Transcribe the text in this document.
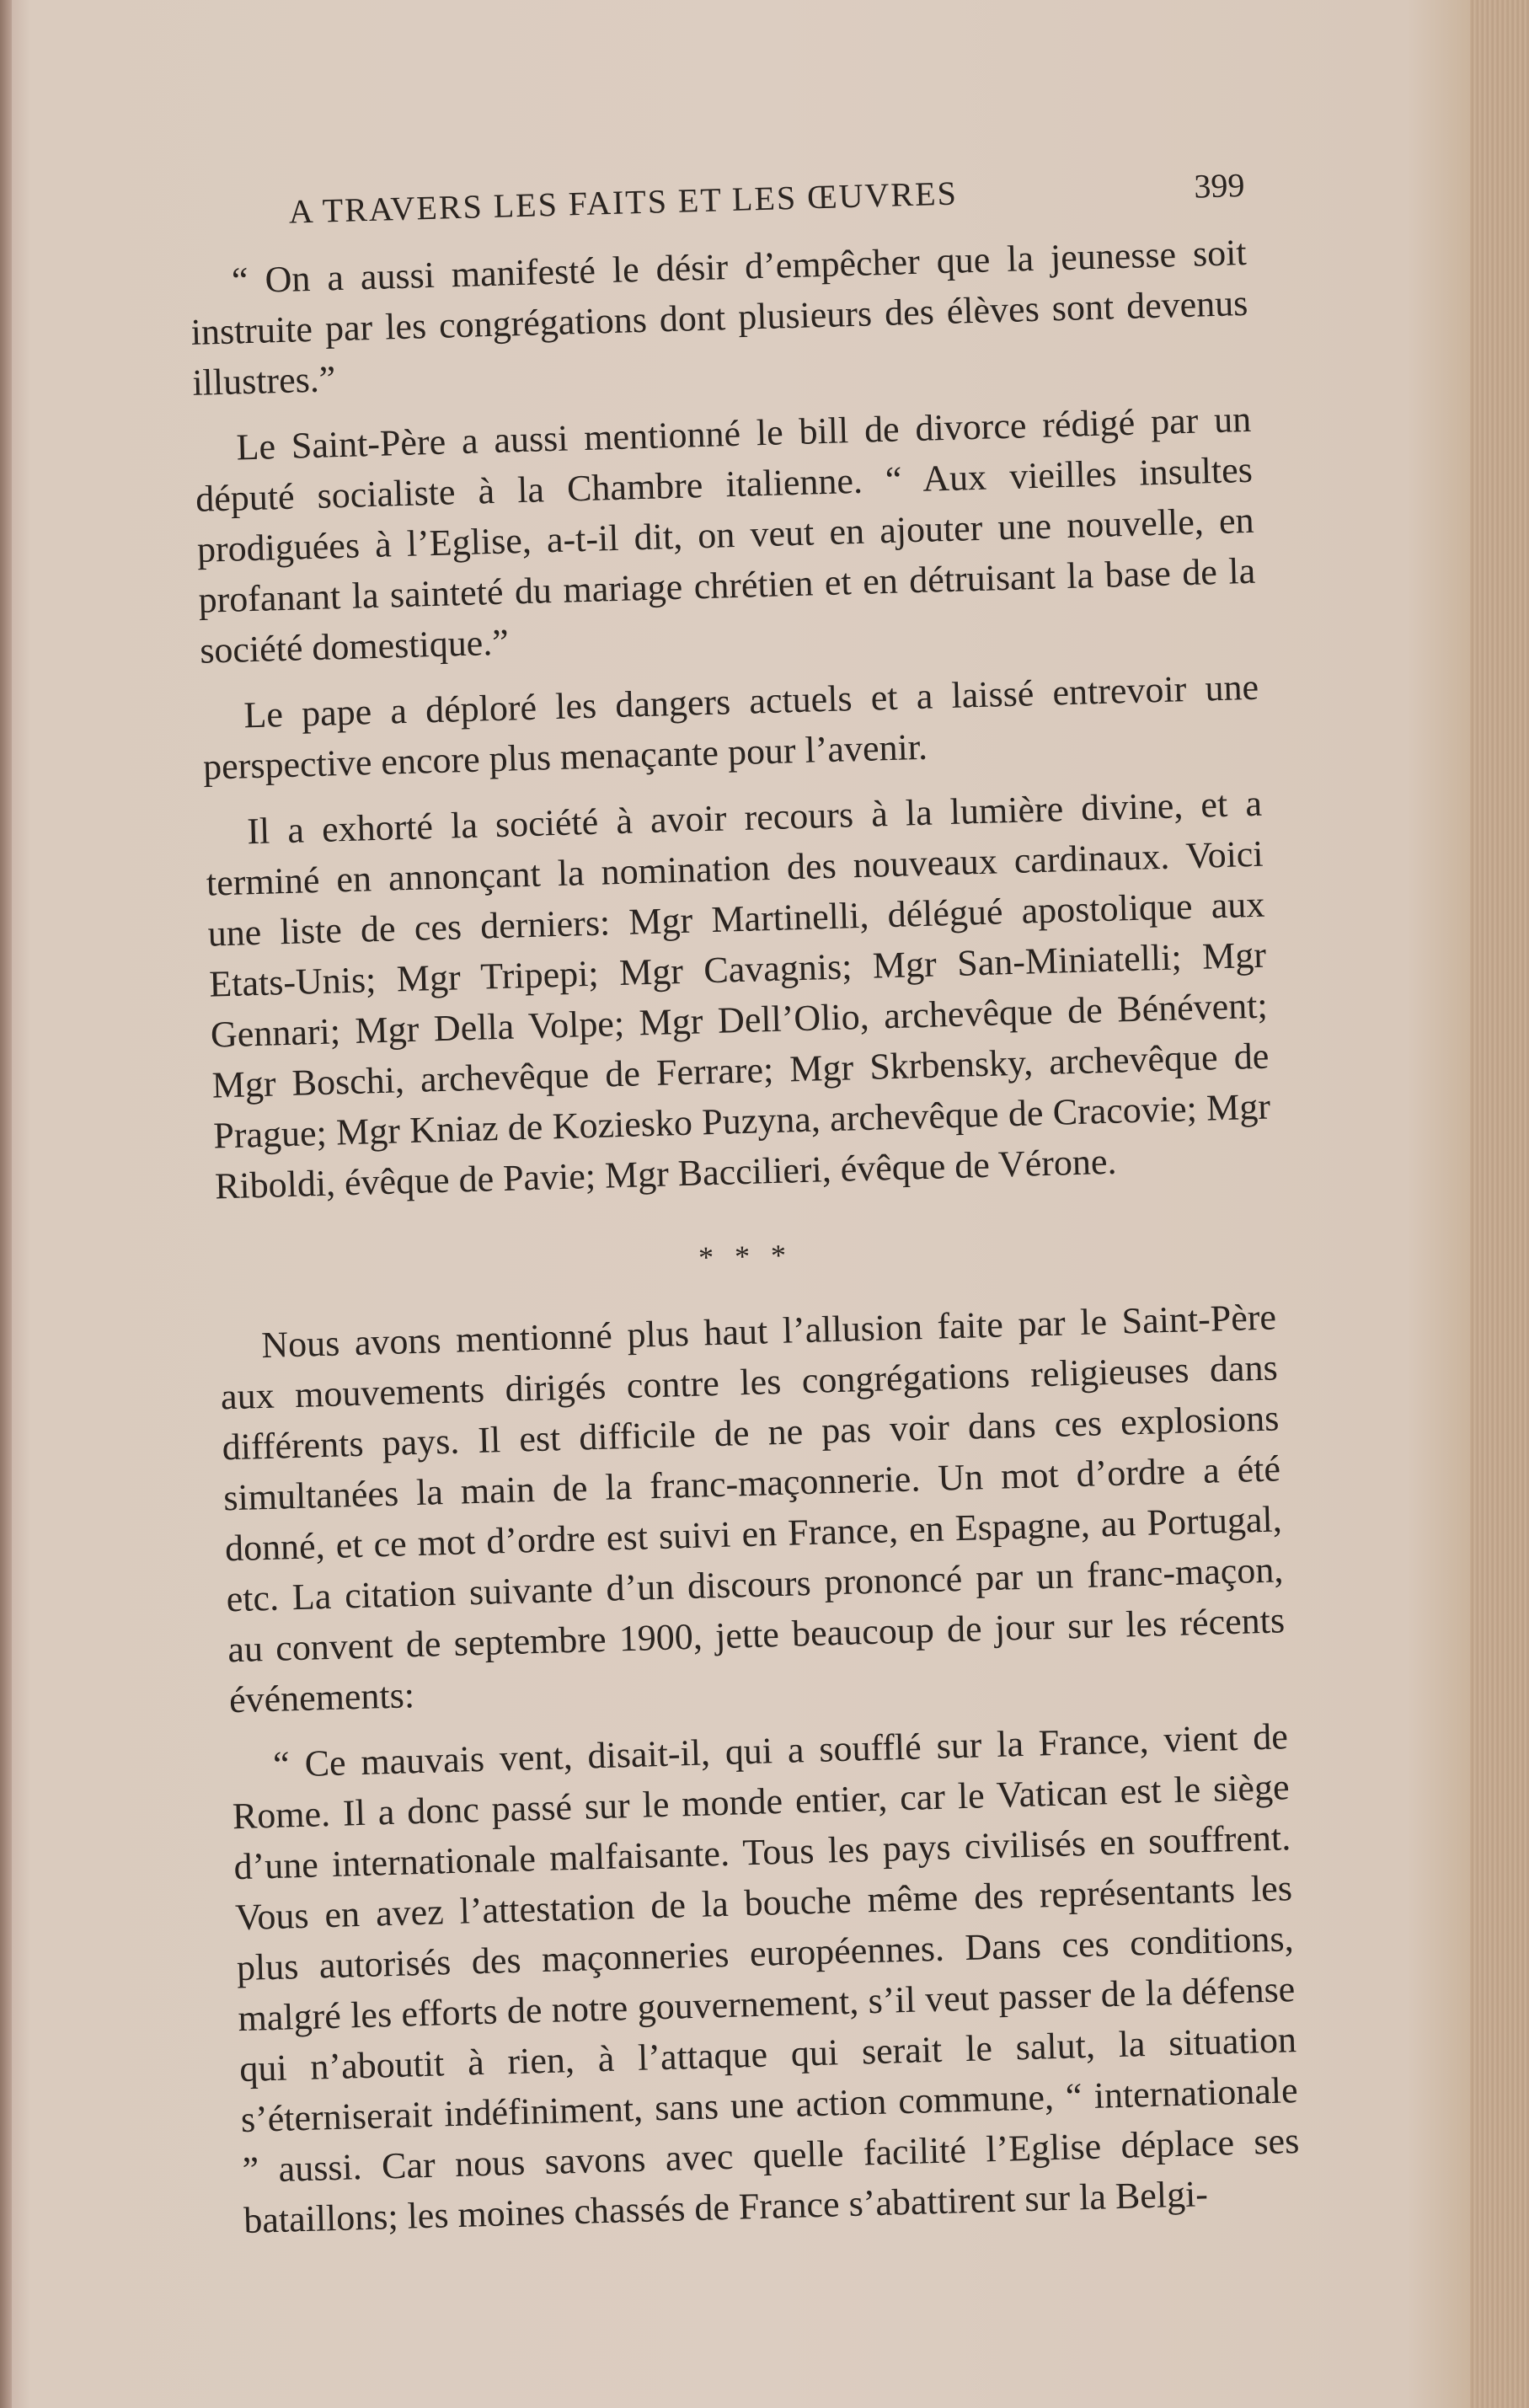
A TRAVERS LES FAITS ET LES ŒUVRES	399

“ On a aussi manifesté le désir d’empêcher que la jeunesse soit instruite par les congrégations dont plusieurs des élèves sont devenus illustres.”

Le Saint-Père a aussi mentionné le bill de divorce rédigé par un député socialiste à la Chambre italienne. “ Aux vieilles insultes prodiguées à l’Eglise, a-t-il dit, on veut en ajouter une nouvelle, en profanant la sainteté du mariage chrétien et en détruisant la base de la société domestique.”

Le pape a déploré les dangers actuels et a laissé entrevoir une perspective encore plus menaçante pour l’avenir.

Il a exhorté la société à avoir recours à la lumière divine, et a terminé en annonçant la nomination des nouveaux cardinaux. Voici une liste de ces derniers: Mgr Martinelli, délégué apostolique aux Etats-Unis; Mgr Tripepi; Mgr Cavagnis; Mgr San-Miniatelli; Mgr Gennari; Mgr Della Volpe; Mgr Dell’Olio, archevêque de Bénévent; Mgr Boschi, archevêque de Ferrare; Mgr Skrbensky, archevêque de Prague; Mgr Kniaz de Koziesko Puzyna, archevêque de Cracovie; Mgr Riboldi, évêque de Pavie; Mgr Baccilieri, évêque de Vérone.

* * *

Nous avons mentionné plus haut l’allusion faite par le Saint-Père aux mouvements dirigés contre les congrégations religieuses dans différents pays. Il est difficile de ne pas voir dans ces explosions simultanées la main de la franc-maçonnerie. Un mot d’ordre a été donné, et ce mot d’ordre est suivi en France, en Espagne, au Portugal, etc. La citation suivante d’un discours prononcé par un franc-maçon, au convent de septembre 1900, jette beaucoup de jour sur les récents événements:

“ Ce mauvais vent, disait-il, qui a soufflé sur la France, vient de Rome. Il a donc passé sur le monde entier, car le Vatican est le siège d’une internationale malfaisante. Tous les pays civilisés en souffrent. Vous en avez l’attestation de la bouche même des représentants les plus autorisés des maçonneries européennes. Dans ces conditions, malgré les efforts de notre gouvernement, s’il veut passer de la défense qui n’aboutit à rien, à l’attaque qui serait le salut, la situation s’éterniserait indéfiniment, sans une action commune, “ internationale ” aussi. Car nous savons avec quelle facilité l’Eglise déplace ses bataillons; les moines chassés de France s’abattirent sur la Belgi-
